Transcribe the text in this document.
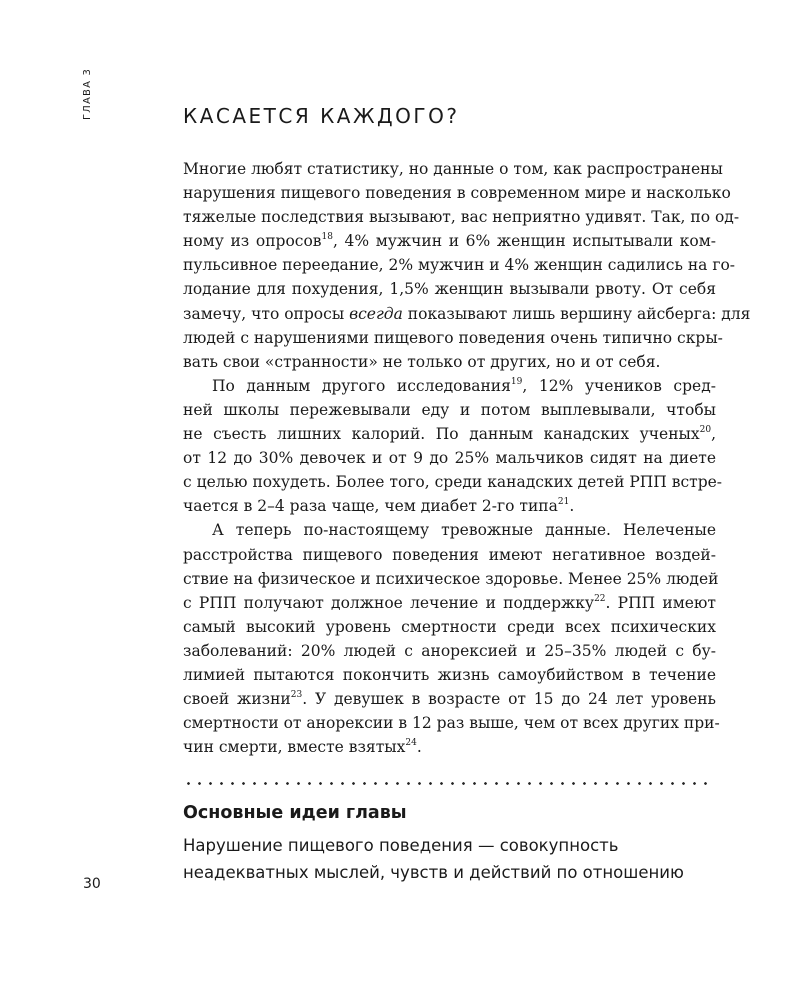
ГЛАВА 3	КАСАЕТСЯ КАЖДОГО?
Многие любят статистику, но данные о том, как распространены
нарушения пищевого поведения в современном мире и насколько
тяжелые последствия вызывают, вас неприятно удивят. Так, по од-
ному из опросов$^{18}$, 4% мужчин и 6% женщин испытывали ком-
пульсивное переедание, 2% мужчин и 4% женщин садились на го-
лодание для похудения, 1,5% женщин вызывали рвоту. От себя
замечу, что опросы всегда показывают лишь вершину айсберга: для
людей с нарушениями пищевого поведения очень типично скры-
вать свои «странности» не только от других, но и от себя.
По данным другого исследования$^{19}$, 12% учеников сред-
ней школы пережевывали еду и потом выплевывали, чтобы
не съесть лишних калорий. По данным канадских ученых$^{20}$,
от 12 до 30% девочек и от 9 до 25% мальчиков сидят на диете
с целью похудеть. Более того, среди канадских детей РПП встре-
чается в 2–4 раза чаще, чем диабет 2-го типа$^{21}$.
А теперь по-настоящему тревожные данные. Нелеченые
расстройства пищевого поведения имеют негативное воздей-
ствие на физическое и психическое здоровье. Менее 25% людей
с РПП получают должное лечение и поддержку$^{22}$. РПП имеют
самый высокий уровень смертности среди всех психических
заболеваний: 20% людей с анорексией и 25–35% людей с бу-
лимией пытаются покончить жизнь самоубийством в течение
своей жизни$^{23}$. У девушек в возрасте от 15 до 24 лет уровень
смертности от анорексии в 12 раз выше, чем от всех других при-
чин смерти, вместе взятых$^{24}$.
Основные идеи главы
Нарушение пищевого поведения — совокупность
неадекватных мыслей, чувств и действий по отношению
30
